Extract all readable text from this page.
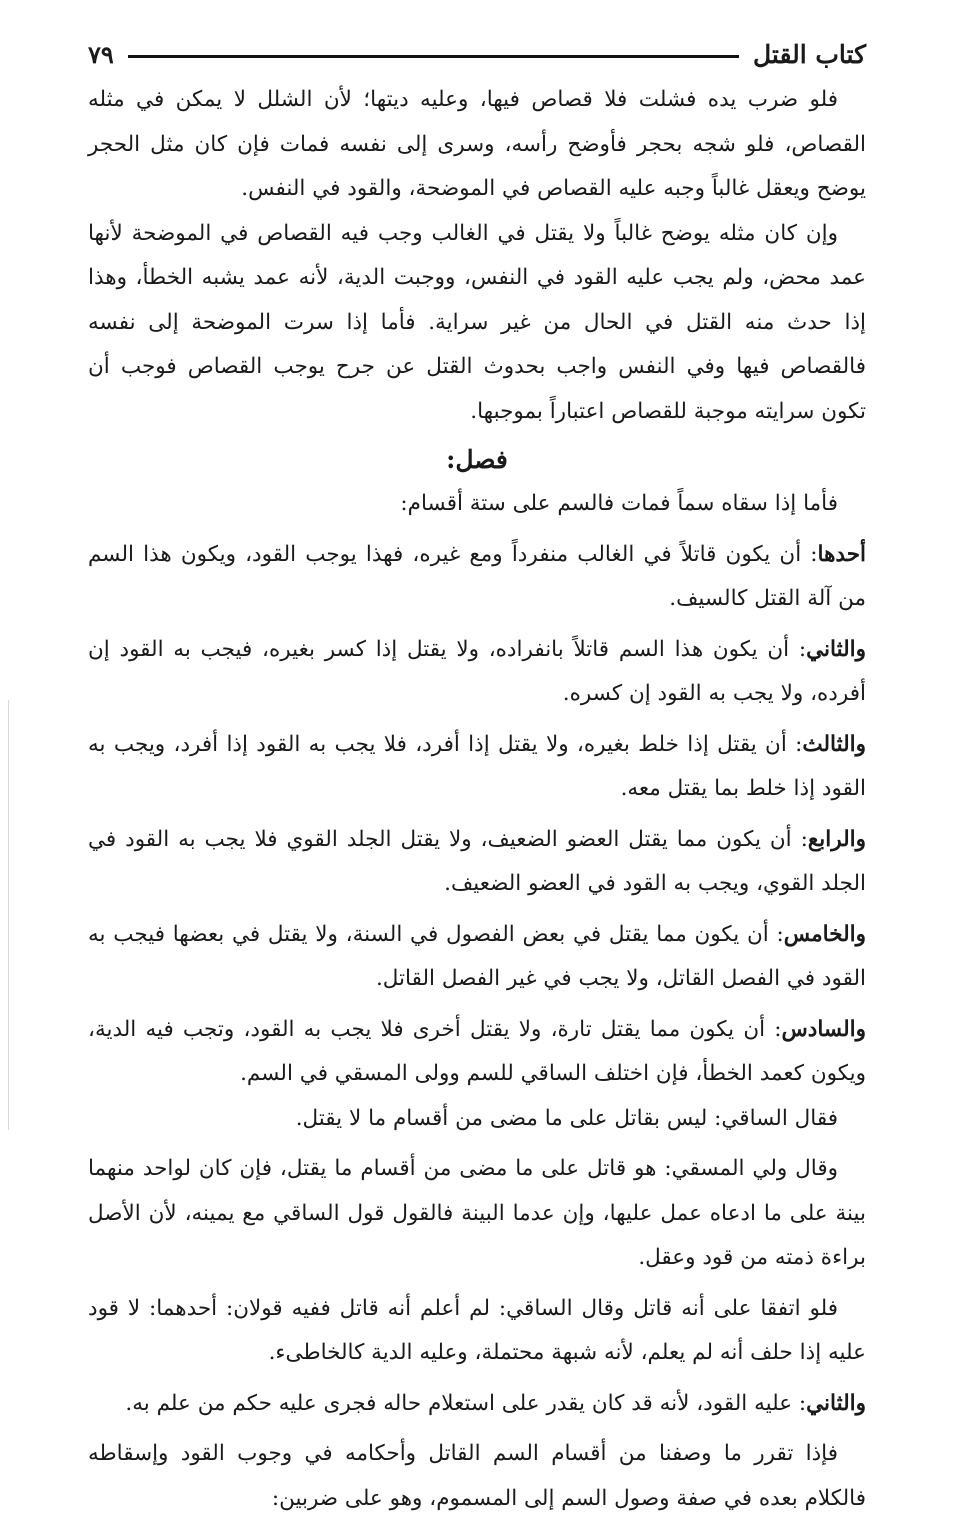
كتاب القتل
٧٩

فلو ضرب يده فشلت فلا قصاص فيها، وعليه ديتها؛ لأن الشلل لا يمكن في مثله القصاص، فلو شجه بحجر فأوضح رأسه، وسرى إلى نفسه فمات فإن كان مثل الحجر يوضح ويعقل غالباً وجبه عليه القصاص في الموضحة، والقود في النفس.

وإن كان مثله يوضح غالباً ولا يقتل في الغالب وجب فيه القصاص في الموضحة لأنها عمد محض، ولم يجب عليه القود في النفس، ووجبت الدية، لأنه عمد يشبه الخطأ، وهذا إذا حدث منه القتل في الحال من غير سراية. فأما إذا سرت الموضحة إلى نفسه فالقصاص فيها وفي النفس واجب بحدوث القتل عن جرح يوجب القصاص فوجب أن تكون سرايته موجبة للقصاص اعتباراً بموجبها.

فصل:

فأما إذا سقاه سماً فمات فالسم على ستة أقسام:

أحدها: أن يكون قاتلاً في الغالب منفرداً ومع غيره، فهذا يوجب القود، ويكون هذا السم من آلة القتل كالسيف.

والثاني: أن يكون هذا السم قاتلاً بانفراده، ولا يقتل إذا كسر بغيره، فيجب به القود إن أفرده، ولا يجب به القود إن كسره.

والثالث: أن يقتل إذا خلط بغيره، ولا يقتل إذا أفرد، فلا يجب به القود إذا أفرد، ويجب به القود إذا خلط بما يقتل معه.

والرابع: أن يكون مما يقتل العضو الضعيف، ولا يقتل الجلد القوي فلا يجب به القود في الجلد القوي، ويجب به القود في العضو الضعيف.

والخامس: أن يكون مما يقتل في بعض الفصول في السنة، ولا يقتل في بعضها فيجب به القود في الفصل القاتل، ولا يجب في غير الفصل القاتل.

والسادس: أن يكون مما يقتل تارة، ولا يقتل أخرى فلا يجب به القود، وتجب فيه الدية، ويكون كعمد الخطأ، فإن اختلف الساقي للسم وولى المسقي في السم.

فقال الساقي: ليس بقاتل على ما مضى من أقسام ما لا يقتل.

وقال ولي المسقي: هو قاتل على ما مضى من أقسام ما يقتل، فإن كان لواحد منهما بينة على ما ادعاه عمل عليها، وإن عدما البينة فالقول قول الساقي مع يمينه، لأن الأصل براءة ذمته من قود وعقل.

فلو اتفقا على أنه قاتل وقال الساقي: لم أعلم أنه قاتل ففيه قولان: أحدهما: لا قود عليه إذا حلف أنه لم يعلم، لأنه شبهة محتملة، وعليه الدية كالخاطىء.

والثاني: عليه القود، لأنه قد كان يقدر على استعلام حاله فجرى عليه حكم من علم به.

فإذا تقرر ما وصفنا من أقسام السم القاتل وأحكامه في وجوب القود وإسقاطه فالكلام بعده في صفة وصول السم إلى المسموم، وهو على ضربين:
